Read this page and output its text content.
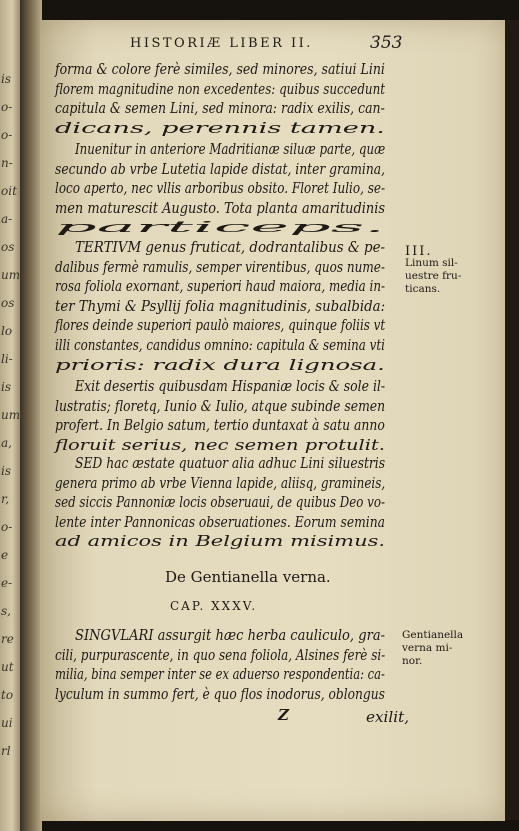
is
o-
o-
n-
oit
a-
os
um
os
lo
li-
is
um
a,
is
r,
o-
e
e-
s,
re
ut
to
ui
rl
HISTORIÆ LIBER II.	353
forma & colore ferè similes, sed minores, satiui Lini
florem magnitudine non excedentes: quibus succedunt
capitula & semen Lini, sed minora: radix exilis, can-
dicans, perennis tamen.
Inuenitur in anteriore Madritianæ siluæ parte, quæ
secundo ab vrbe Lutetia lapide distat, inter gramina,
loco aperto, nec vllis arboribus obsito. Floret Iulio, se-
men maturescit Augusto. Tota planta amaritudinis
particeps.
TERTIVM genus fruticat, dodrantalibus & pe-
dalibus fermè ramulis, semper virentibus, quos nume-
rosa foliola exornant, superiori haud maiora, media in-
ter Thymi & Psyllij folia magnitudinis, subalbida:
flores deinde superiori paulò maiores, quinque foliis vt
illi constantes, candidus omnino: capitula & semina vti
prioris: radix dura lignosa.
Exit desertis quibusdam Hispaniæ locis & sole il-
lustratis; floretq, Iunio & Iulio, atque subinde semen
profert. In Belgio satum, tertio duntaxat à satu anno
floruit serius, nec semen protulit.
SED hac æstate quatuor alia adhuc Lini siluestris
genera primo ab vrbe Vienna lapide, aliisq, gramineis,
sed siccis Pannoniæ locis obseruaui, de quibus Deo vo-
lente inter Pannonicas obseruationes. Eorum semina
ad amicos in Belgium misimus.
SINGVLARI assurgit hæc herba cauliculo, gra-
cili, purpurascente, in quo sena foliola, Alsines ferè si-
milia, bina semper inter se ex aduerso respondentia: ca-
lyculum in summo fert, è quo flos inodorus, oblongus
III.
Linum sil-
uestre fru-
ticans.
Gentianella
verna mi-
nor.
De Gentianella verna.
CAP. XXXV.
Z	exilit,
